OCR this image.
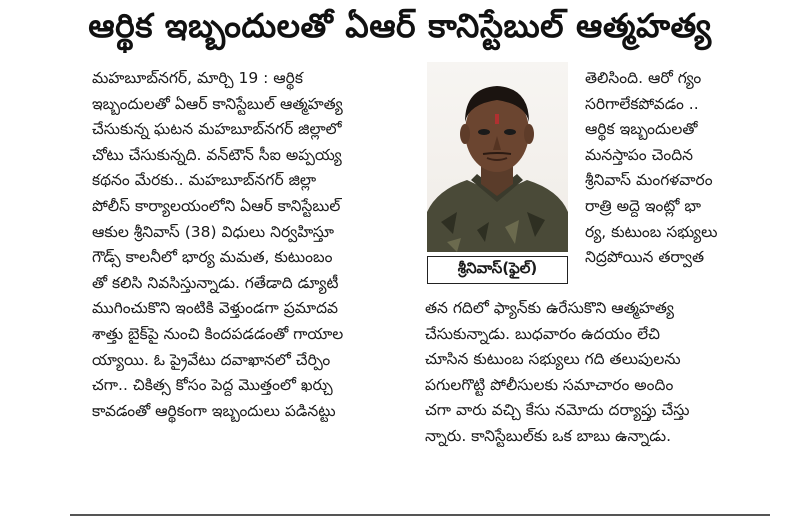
ఆర్థిక ఇబ్బందులతో ఏఆర్ కానిస్టేబుల్ ఆత్మహత్య
మహబూబ్‌నగర్, మార్చి 19 : ఆర్థిక
ఇబ్బందులతో ఏఆర్ కానిస్టేబుల్ ఆత్మహత్య
చేసుకున్న ఘటన మహబూబ్‌నగర్ జిల్లాలో
చోటు చేసుకున్నది. వన్‌టౌన్ సీఐ అప్పయ్య
కథనం మేరకు.. మహబూబ్‌నగర్ జిల్లా
పోలీస్ కార్యాలయంలోని ఏఆర్ కానిస్టేబుల్
ఆకుల శ్రీనివాస్ (38) విధులు నిర్వహిస్తూ
గౌడ్స్ కాలనీలో భార్య మమత, కుటుంబం
తో కలిసి నివసిస్తున్నాడు. గతేడాది డ్యూటీ
ముగించుకొని ఇంటికి వెళ్తుండగా ప్రమాదవ
శాత్తు బైక్‌పై నుంచి కిందపడడంతో గాయాల
య్యాయి. ఓ ప్రైవేటు దవాఖానలో చేర్పిం
చగా.. చికిత్స కోసం పెద్ద మొత్తంలో ఖర్చు
కావడంతో ఆర్థికంగా ఇబ్బందులు పడినట్టు
శ్రీనివాస్(ఫైల్)
తెలిసింది. ఆరో గ్యం
సరిగాలేకపోవడం ..
ఆర్థిక ఇబ్బందులతో
మనస్తాపం చెందిన
శ్రీనివాస్ మంగళవారం
రాత్రి అద్దె ఇంట్లో భా
ర్య, కుటుంబ సభ్యులు
నిద్రపోయిన తర్వాత
తన గదిలో ఫ్యాన్‌కు ఉరేసుకొని ఆత్మహత్య
చేసుకున్నాడు. బుధవారం ఉదయం లేచి
చూసిన కుటుంబ సభ్యులు గది తలుపులను
పగులగొట్టి పోలీసులకు సమాచారం అందిం
చగా వారు వచ్చి కేసు నమోదు దర్యాప్తు చేస్తు
న్నారు. కానిస్టేబుల్‌కు ఒక బాబు ఉన్నాడు.
